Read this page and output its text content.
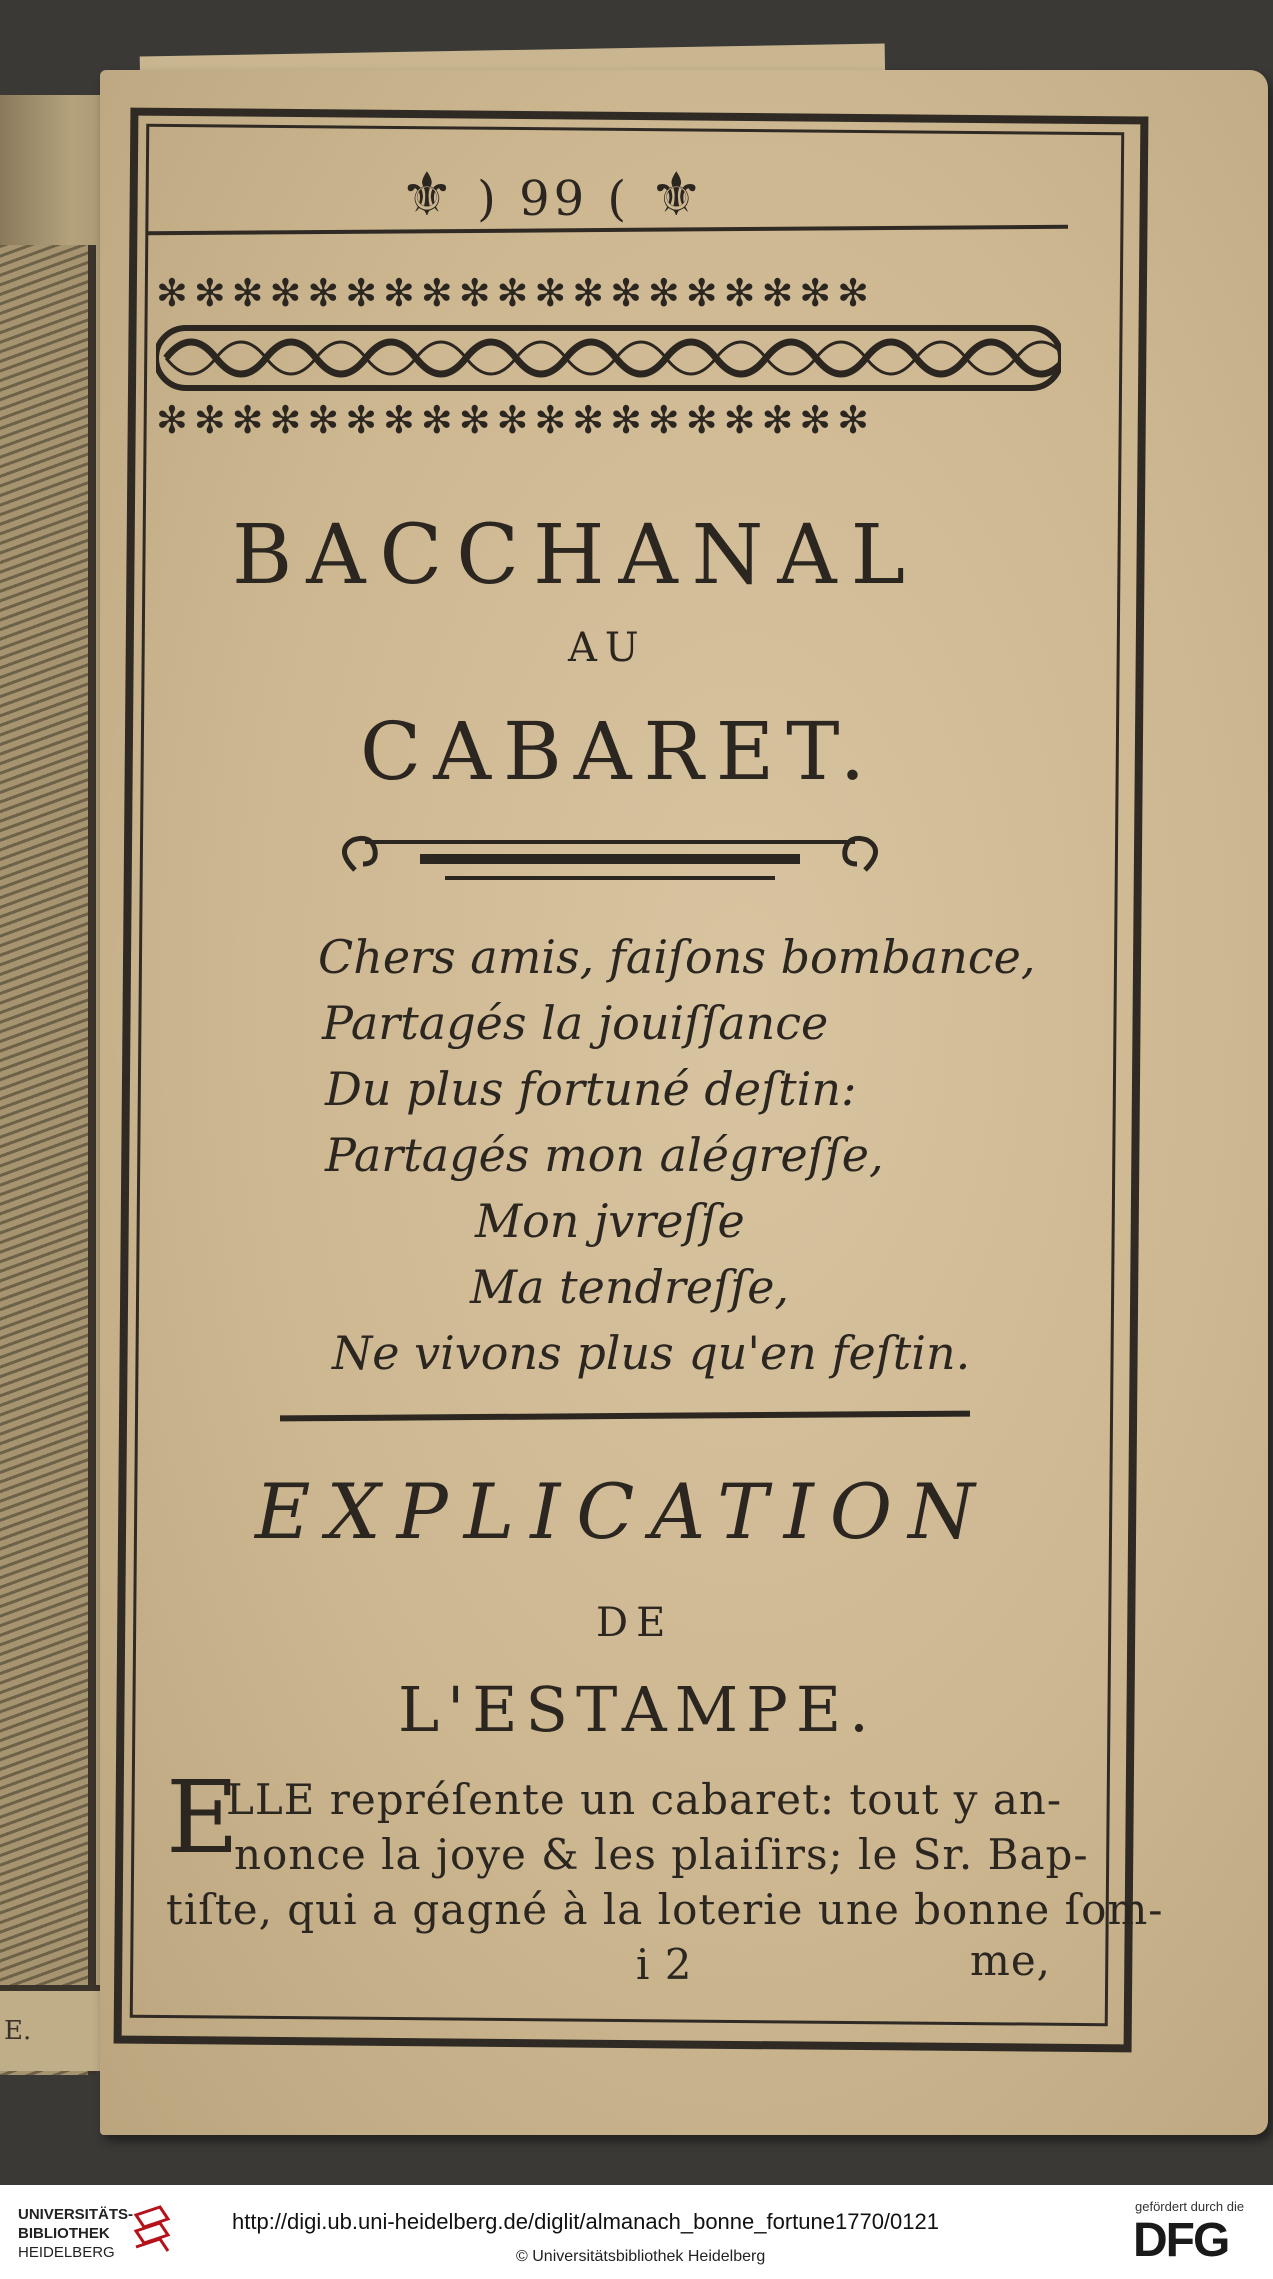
E.
⚜ ) 99 ( ⚜
✻✻✻✻✻✻✻✻✻✻✻✻✻✻✻✻✻✻✻
✻✻✻✻✻✻✻✻✻✻✻✻✻✻✻✻✻✻✻
BACCHANAL
AU
CABARET.
Chers amis, faiſons bombance,
Partagés la jouiſſance
Du plus fortuné deſtin:
Partagés mon alégreſſe,
Mon jvreſſe
Ma tendreſſe,
Ne vivons plus qu'en feſtin.
EXPLICATION
DE
L'ESTAMPE.
E
LLE repréſente un cabaret: tout y an-
nonce la joye & les plaiſirs; le Sr. Bap-
tiſte, qui a gagné à la loterie une bonne ſom-
i 2	me,
UNIVERSITÄTS-
BIBLIOTHEK
HEIDELBERG
http://digi.ub.uni-heidelberg.de/diglit/almanach_bonne_fortune1770/0121
© Universitätsbibliothek Heidelberg
gefördert durch die
DFG
